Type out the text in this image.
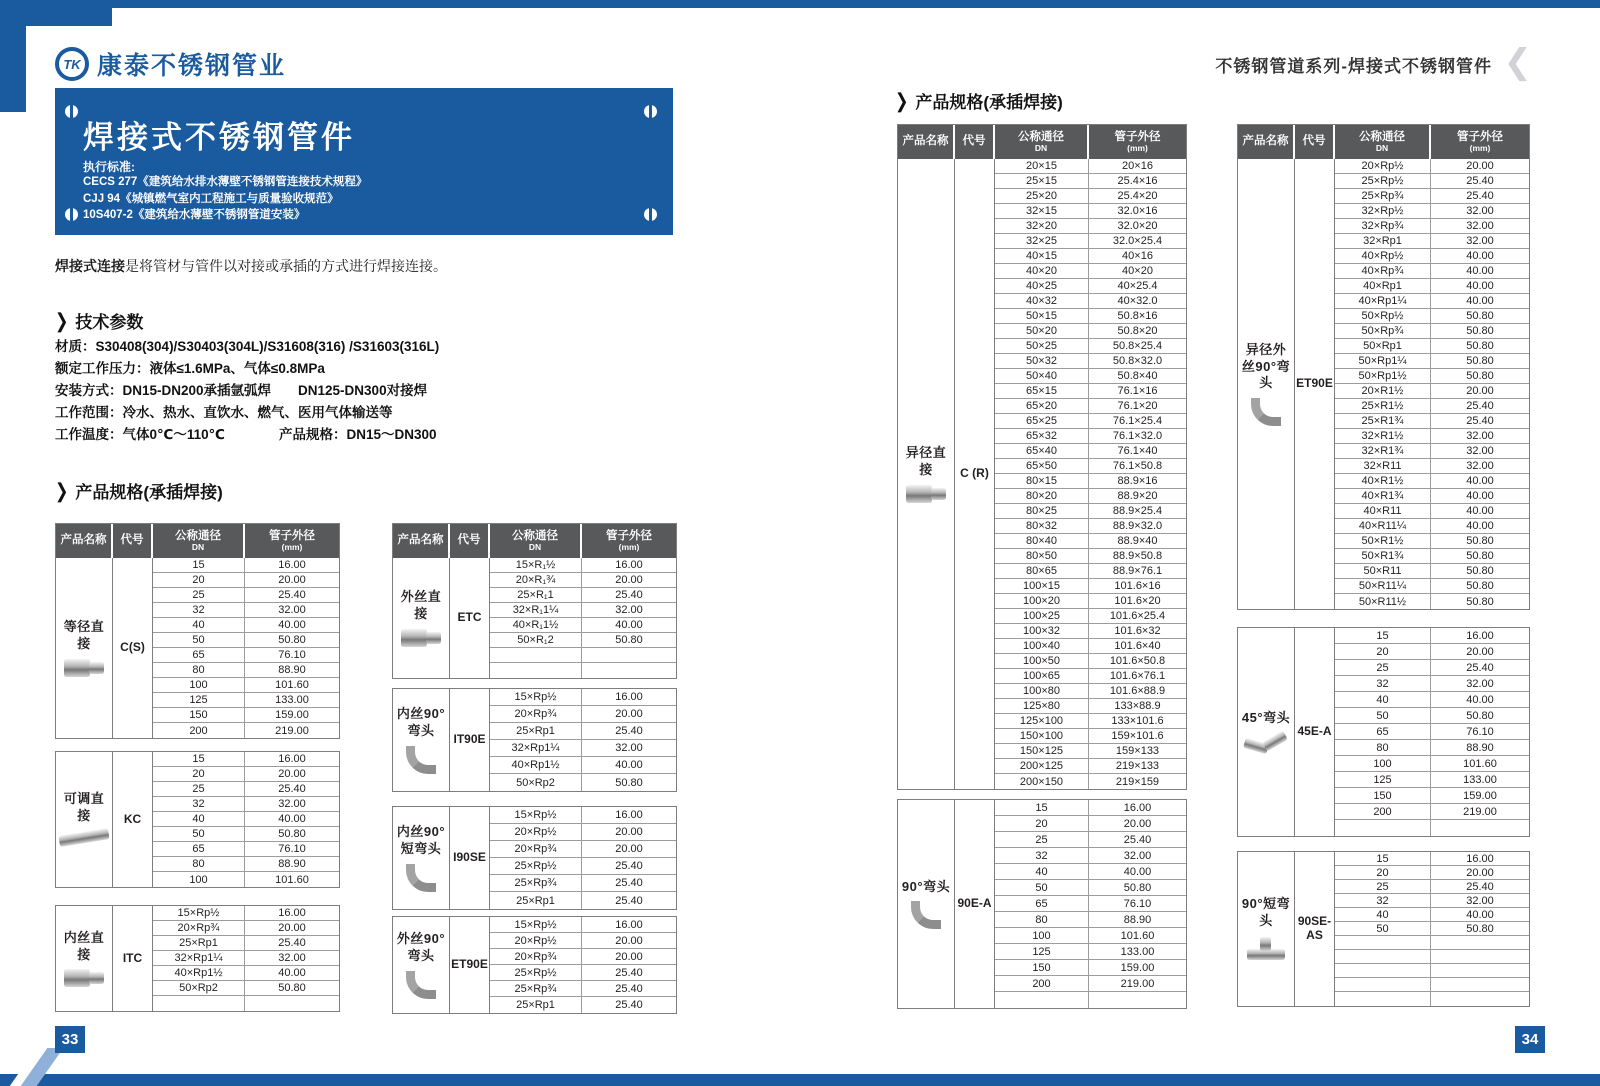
TK 康泰不锈钢管业	不锈钢管道系列-焊接式不锈钢管件 ❮
焊接式不锈钢管件
执行标准:
CECS 277《建筑给水排水薄壁不锈钢管连接技术规程》
CJJ 94《城镇燃气室内工程施工与质量验收规范》
10S407-2《建筑给水薄壁不锈钢管道安装》
焊接式连接是将管材与管件以对接或承插的方式进行焊接连接。
❯ 技术参数
材质：S30408(304)/S30403(304L)/S31608(316) /S31603(316L)
额定工作压力：液体≤1.6MPa、气体≤0.8MPa
安装方式：DN15-DN200承插氩弧焊　　DN125-DN300对接焊
工作范围：冷水、热水、直饮水、燃气、医用气体输送等
工作温度：气体0℃～110℃　　　　产品规格：DN15～DN300
❯ 产品规格(承插焊接)
❯ 产品规格(承插焊接)
产品名称	代号	公称通径
DN
管子外径
(mm)
等径直接	C(S)
15	16.00
20	20.00
25	25.40
32	32.00
40	40.00
50	50.80
65	76.10
80	88.90
100	101.60
125	133.00
150	159.00
200	219.00
可调直接	KC
15	16.00
20	20.00
25	25.40
32	32.00
40	40.00
50	50.80
65	76.10
80	88.90
100	101.60
内丝直接	ITC
15×Rp½	16.00
20×Rp¾	20.00
25×Rp1	25.40
32×Rp1¼	32.00
40×Rp1½	40.00
50×Rp2	50.80
产品名称	代号	公称通径
DN
管子外径
(mm)
外丝直接	ETC
15×R₁½	16.00
20×R₁¾	20.00
25×R₁1	25.40
32×R₁1¼	32.00
40×R₁1½	40.00
50×R₁2	50.80
内丝90°弯头
IT90E
15×Rp½	16.00
20×Rp¾	20.00
25×Rp1	25.40
32×Rp1¼	32.00
40×Rp1½	40.00
50×Rp2	50.80
内丝90°短弯头
I90SE
15×Rp½	16.00
20×Rp½	20.00
20×Rp¾	20.00
25×Rp½	25.40
25×Rp¾	25.40
25×Rp1	25.40
外丝90°弯头
ET90E
15×Rp½	16.00
20×Rp½	20.00
20×Rp¾	20.00
25×Rp½	25.40
25×Rp¾	25.40
25×Rp1	25.40
产品名称	代号	公称通径
DN
管子外径
(mm)
异径直接	C (R)
20×15	20×16
25×15	25.4×16
25×20	25.4×20
32×15	32.0×16
32×20	32.0×20
32×25	32.0×25.4
40×15	40×16
40×20	40×20
40×25	40×25.4
40×32	40×32.0
50×15	50.8×16
50×20	50.8×20
50×25	50.8×25.4
50×32	50.8×32.0
50×40	50.8×40
65×15	76.1×16
65×20	76.1×20
65×25	76.1×25.4
65×32	76.1×32.0
65×40	76.1×40
65×50	76.1×50.8
80×15	88.9×16
80×20	88.9×20
80×25	88.9×25.4
80×32	88.9×32.0
80×40	88.9×40
80×50	88.9×50.8
80×65	88.9×76.1
100×15	101.6×16
100×20	101.6×20
100×25	101.6×25.4
100×32	101.6×32
100×40	101.6×40
100×50	101.6×50.8
100×65	101.6×76.1
100×80	101.6×88.9
125×80	133×88.9
125×100	133×101.6
150×100	159×101.6
150×125	159×133
200×125	219×133
200×150	219×159
90°弯头
90E-A
15	16.00
20	20.00
25	25.40
32	32.00
40	40.00
50	50.80
65	76.10
80	88.90
100	101.60
125	133.00
150	159.00
200	219.00
产品名称	代号	公称通径
DN
管子外径
(mm)
异径外丝90°弯头	ET90E
20×Rp½	20.00
25×Rp½	25.40
25×Rp¾	25.40
32×Rp½	32.00
32×Rp¾	32.00
32×Rp1	32.00
40×Rp½	40.00
40×Rp¾	40.00
40×Rp1	40.00
40×Rp1¼	40.00
50×Rp½	50.80
50×Rp¾	50.80
50×Rp1	50.80
50×Rp1¼	50.80
50×Rp1½	50.80
20×R1½	20.00
25×R1½	25.40
25×R1¾	25.40
32×R1½	32.00
32×R1¾	32.00
32×R11	32.00
40×R1½	40.00
40×R1¾	40.00
40×R11	40.00
40×R11¼	40.00
50×R1½	50.80
50×R1¾	50.80
50×R11	50.80
50×R11¼	50.80
50×R11½	50.80
45°弯头
45E-A
15	16.00
20	20.00
25	25.40
32	32.00
40	40.00
50	50.80
65	76.10
80	88.90
100	101.60
125	133.00
150	159.00
200	219.00
90°短弯头	90SE-AS
15	16.00
20	20.00
25	25.40
32	32.00
40	40.00
50	50.80
33	34
